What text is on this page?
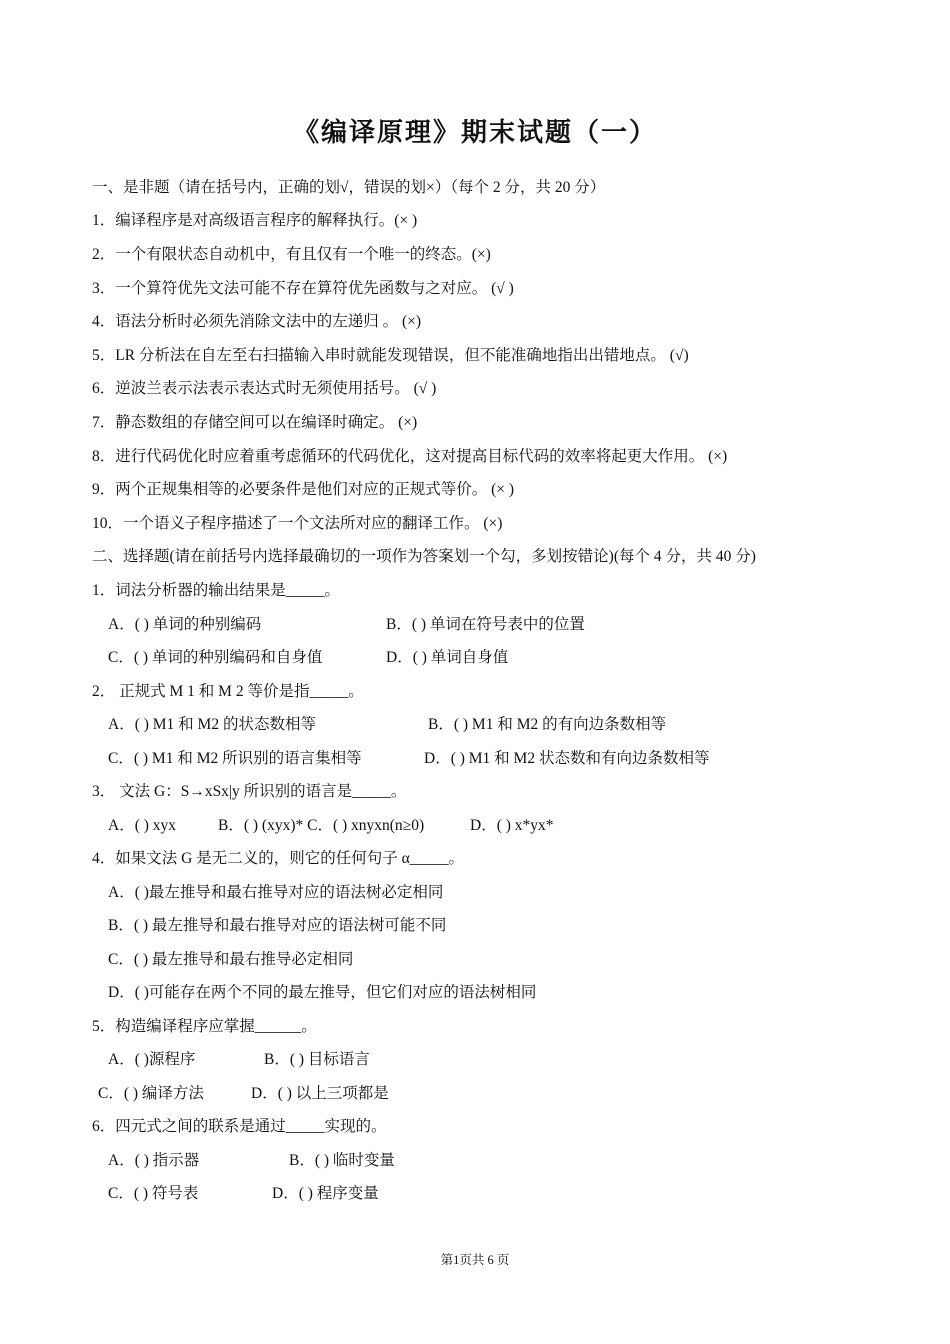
《编译原理》期末试题（一）
一、是非题（请在括号内，正确的划√，错误的划×）（每个 2 分，共 20 分）
1．编译程序是对高级语言程序的解释执行。(× )
2．一个有限状态自动机中，有且仅有一个唯一的终态。(×)
3．一个算符优先文法可能不存在算符优先函数与之对应。 (√ )
4．语法分析时必须先消除文法中的左递归 。 (×)
5．LR 分析法在自左至右扫描输入串时就能发现错误，但不能准确地指出出错地点。 (√)
6．逆波兰表示法表示表达式时无须使用括号。 (√ )
7．静态数组的存储空间可以在编译时确定。 (×)
8．进行代码优化时应着重考虑循环的代码优化，这对提高目标代码的效率将起更大作用。 (×)
9．两个正规集相等的必要条件是他们对应的正规式等价。 (× )
10．一个语义子程序描述了一个文法所对应的翻译工作。 (×)
二、选择题(请在前括号内选择最确切的一项作为答案划一个勾，多划按错论)(每个 4 分，共 40 分)
1．词法分析器的输出结果是_____。
A．( ) 单词的种别编码	B．( ) 单词在符号表中的位置
C．( ) 单词的种别编码和自身值	D．( ) 单词自身值
2． 正规式 M 1 和 M 2 等价是指_____。
A．( ) M1 和 M2 的状态数相等	B．( ) M1 和 M2 的有向边条数相等
C．( ) M1 和 M2 所识别的语言集相等	D．( ) M1 和 M2 状态数和有向边条数相等
3． 文法 G：S→xSx|y 所识别的语言是_____。
A．( ) xyx	B．( ) (xyx)* C．( ) xnyxn(n≥0)	D．( ) x*yx*
4．如果文法 G 是无二义的，则它的任何句子 α_____。
A．( )最左推导和最右推导对应的语法树必定相同
B．( ) 最左推导和最右推导对应的语法树可能不同
C．( ) 最左推导和最右推导必定相同
D．( )可能存在两个不同的最左推导，但它们对应的语法树相同
5．构造编译程序应掌握______。
A．( )源程序	B．( ) 目标语言
C．( ) 编译方法	D．( ) 以上三项都是
6．四元式之间的联系是通过_____实现的。
A．( ) 指示器	B．( ) 临时变量
C．( ) 符号表	D．( ) 程序变量
第1页共 6 页
